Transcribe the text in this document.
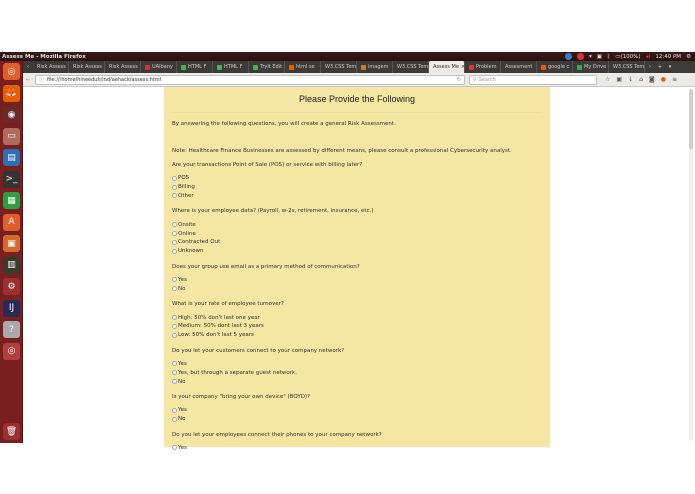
Assess Me - Mozilla Firefox	▾ ▣ ᛒ ▭(100%) ◂) 12:40 PM ⚙
◎
🦊
◉
▭
▤
>_
▦
A
▣
▥
⚙
IJ
?
◎
🗑
‹	Risk Assess Risk Assess Risk Assess	UAlbany	HTML F	HTML F	TryIt Edit	html se W3.CSS Tem imagem W3.CSS Tem Assess Me × Problem Assesment	google c	My Drive W3.CSS Tem ›	+	▾
←	ⓘ file:///home/hineeduh/ind/aehack/assess.html	↻	⚲ Search	☆ ▣ ↓ ⌂ ◙ ● ≡
Please Provide the Following
By answering the following questions, you will create a general Risk Assessment.
Note: Healthcare Finance Businesses are assessed by different means, please consult a professional Cybersecurity analyst.
Are your transactions Point of Sale (POS) or service with billing later?
POS
Billing
Other
Where is your employee data? (Payroll, w-2s, retirement, insurance, etc.)
Onsite
Online
Contracted Out
Unknown
Does your group use email as a primary method of communication?
Yes
No
What is your rate of employee turnover?
High: 50% don't last one year
Medium: 50% dont last 3 years
Low: 50% don't last 5 years
Do you let your customers connect to your company network?
Yes
Yes, but through a separate guest network.
No
Is your company "bring your own device" (BOYD)?
Yes
No
Do you let your employees connect their phones to your company network?
Yes
